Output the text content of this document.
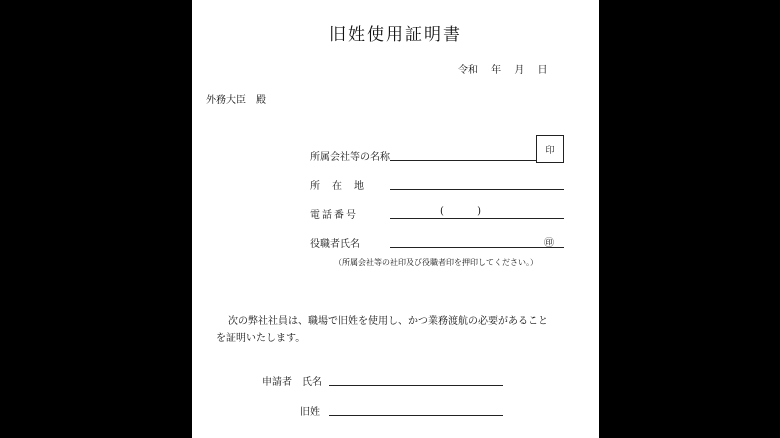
旧姓使用証明書
令和 年 月 日
外務大臣　殿
所属会社等の名称
印
所　在　地
電話番号	( )
役職者氏名	㊞
（所属会社等の社印及び役職者印を押印してください。）
次の弊社社員は、職場で旧姓を使用し、かつ業務渡航の必要があることを証明いたします。
申請者　氏名
旧姓
